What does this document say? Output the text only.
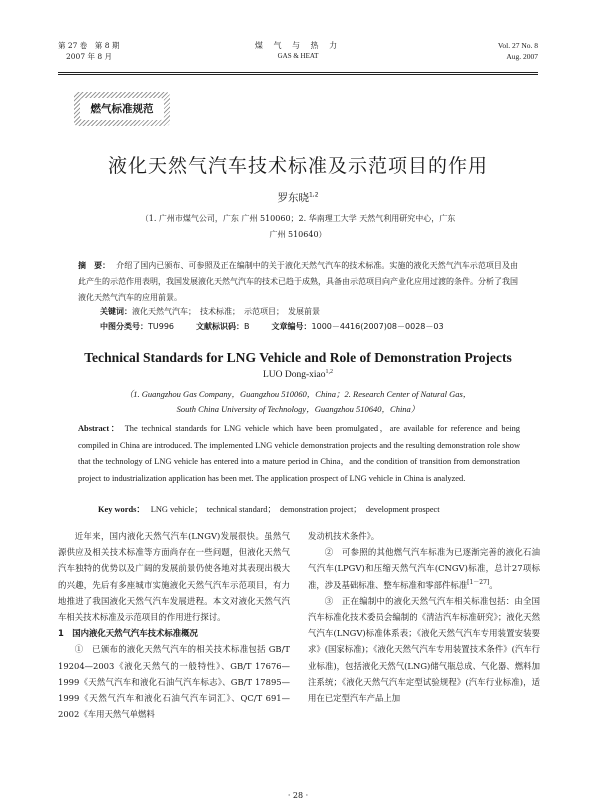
第 27 卷　第 8 期
2007 年 8 月
煤 气 与 热 力
GAS & HEAT
Vol. 27 No. 8
Aug. 2007
燃气标准规范
液化天然气汽车技术标准及示范项目的作用
罗东晓$^{1,2}$
（1. 广州市煤气公司，广东 广州 510060；2. 华南理工大学 天然气利用研究中心，广东
广州 510640）
摘　要： 介绍了国内已颁布、可参照及正在编制中的关于液化天然气汽车的技术标准。实施的液化天然气汽车示范项目及由此产生的示范作用表明，我国发展液化天然气汽车的技术已趋于成熟，具备由示范项目向产业化应用过渡的条件。分析了我国液化天然气汽车的应用前景。
关键词：液化天然气汽车；　技术标准；　示范项目；　发展前景
中图分类号：TU996	文献标识码：B	文章编号：1000－4416(2007)08－0028－03
Technical Standards for LNG Vehicle and Role of Demonstration Projects
LUO Dong-xiao$^{1,2}$
（1. Guangzhou Gas Company，Guangzhou 510060，China；2. Research Center of Natural Gas，
South China University of Technology，Guangzhou 510640，China）
Abstract： The technical standards for LNG vehicle which have been promulgated，are available for reference and being compiled in China are introduced. The implemented LNG vehicle demonstration projects and the resulting demonstration role show that the technology of LNG vehicle has entered into a mature period in China，and the condition of transition from demonstration project to industrialization application has been met. The application prospect of LNG vehicle in China is analyzed.
Key words： LNG vehicle；　technical standard；　demonstration project；　development prospect

近年来，国内液化天然气汽车(LNGV)发展很快。虽然气源供应及相关技术标准等方面尚存在一些问题，但液化天然气汽车独特的优势以及广阔的发展前景仍使各地对其表现出极大的兴趣，先后有多座城市实施液化天然气汽车示范项目，有力地推进了我国液化天然气汽车发展进程。本文对液化天然气汽车相关技术标准及示范项目的作用进行探讨。

1　国内液化天然气汽车技术标准概况

①　已颁布的液化天然气汽车的相关技术标准包括 GB/T 19204—2003《液化天然气的一般特性》、GB/T 17676—1999《天然气汽车和液化石油气汽车标志》、GB/T 17895—1999《天然气汽车和液化石油气汽车词汇》、QC/T 691—2002《车用天然气单燃料

发动机技术条件》。

②　可参照的其他燃气汽车标准为已逐渐完善的液化石油气汽车(LPGV)和压缩天然气汽车(CNGV)标准，总计27项标准，涉及基础标准、整车标准和零部件标准[1－27]。

③　正在编制中的液化天然气汽车相关标准包括：由全国汽车标准化技术委员会编制的《清洁汽车标准研究》；液化天然气汽车(LNGV)标准体系表；《液化天然气汽车专用装置安装要求》(国家标准)；《液化天然气汽车专用装置技术条件》(汽车行业标准)，包括液化天然气(LNG)储气瓶总成、气化器、燃料加注系统；《液化天然气汽车定型试验规程》(汽车行业标准)，适用在已定型汽车产品上加

· 28 ·
